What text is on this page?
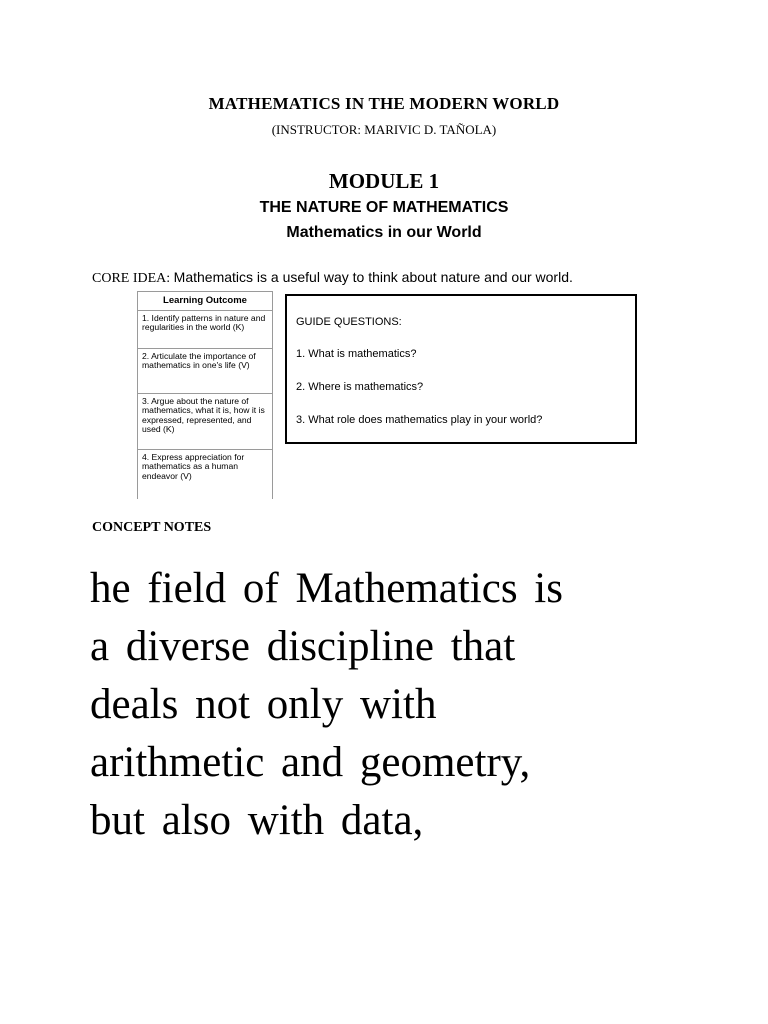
MATHEMATICS IN THE MODERN WORLD
(INSTRUCTOR: MARIVIC D. TAÑOLA)
MODULE 1
THE NATURE OF MATHEMATICS
Mathematics in our World
CORE IDEA: Mathematics is a useful way to think about nature and our world.
Learning Outcome
1. Identify patterns in nature and regularities in the world (K)
2. Articulate the importance of mathematics in one's life (V)
3. Argue about the nature of mathematics, what it is, how it is expressed, represented, and used (K)
4. Express appreciation for mathematics as a human endeavor (V)
GUIDE QUESTIONS:
1. What is mathematics?
2. Where is mathematics?
3. What role does mathematics play in your world?
CONCEPT NOTES
he field of Mathematics is
a diverse discipline that
deals not only with
arithmetic and geometry,
but also with data,
